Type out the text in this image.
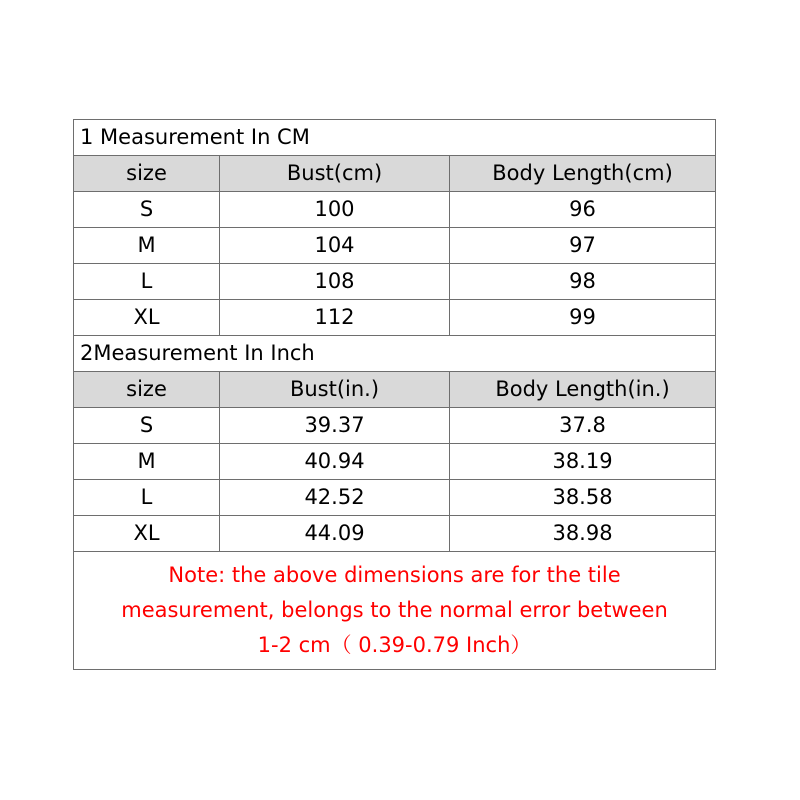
1 Measurement In CM		
size	Bust(cm)	Body Length(cm)
S	100	96
M	104	97
L	108	98
XL	112	99
2Measurement In Inch		
size	Bust(in.)	Body Length(in.)
S	39.37	37.8
M	40.94	38.19
L	42.52	38.58
XL	44.09	38.98

Note: the above dimensions are for the tile
measurement, belongs to the normal error between
1-2 cm（ 0.39-0.79 Inch）		
